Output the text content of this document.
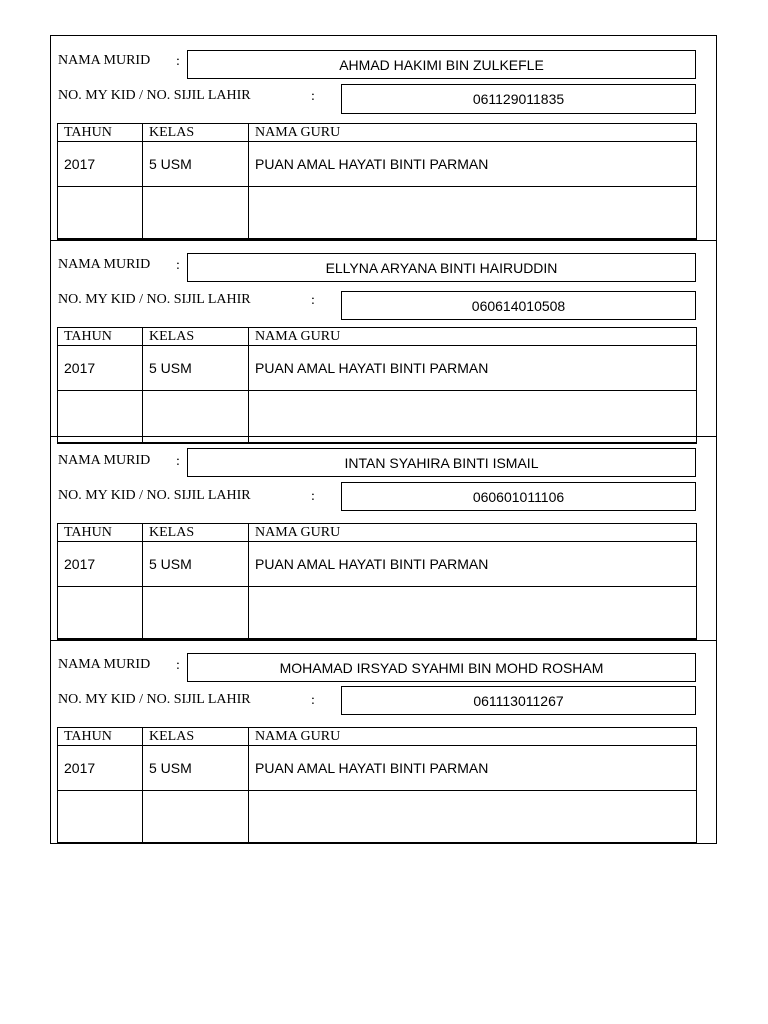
NAMA MURID :	AHMAD HAKIMI BIN ZULKEFLE
NO. MY KID / NO. SIJIL LAHIR	:	061129011835
TAHUN	KELAS	NAMA GURU
2017	5 USM	PUAN AMAL HAYATI BINTI PARMAN

NAMA MURID :	ELLYNA ARYANA BINTI HAIRUDDIN
NO. MY KID / NO. SIJIL LAHIR	:	060614010508
TAHUN	KELAS	NAMA GURU
2017	5 USM	PUAN AMAL HAYATI BINTI PARMAN

NAMA MURID :	INTAN SYAHIRA BINTI ISMAIL
NO. MY KID / NO. SIJIL LAHIR	:	060601011106
TAHUN	KELAS	NAMA GURU
2017	5 USM	PUAN AMAL HAYATI BINTI PARMAN

NAMA MURID :	MOHAMAD IRSYAD SYAHMI BIN MOHD ROSHAM
NO. MY KID / NO. SIJIL LAHIR	:	061113011267
TAHUN	KELAS	NAMA GURU
2017	5 USM	PUAN AMAL HAYATI BINTI PARMAN
